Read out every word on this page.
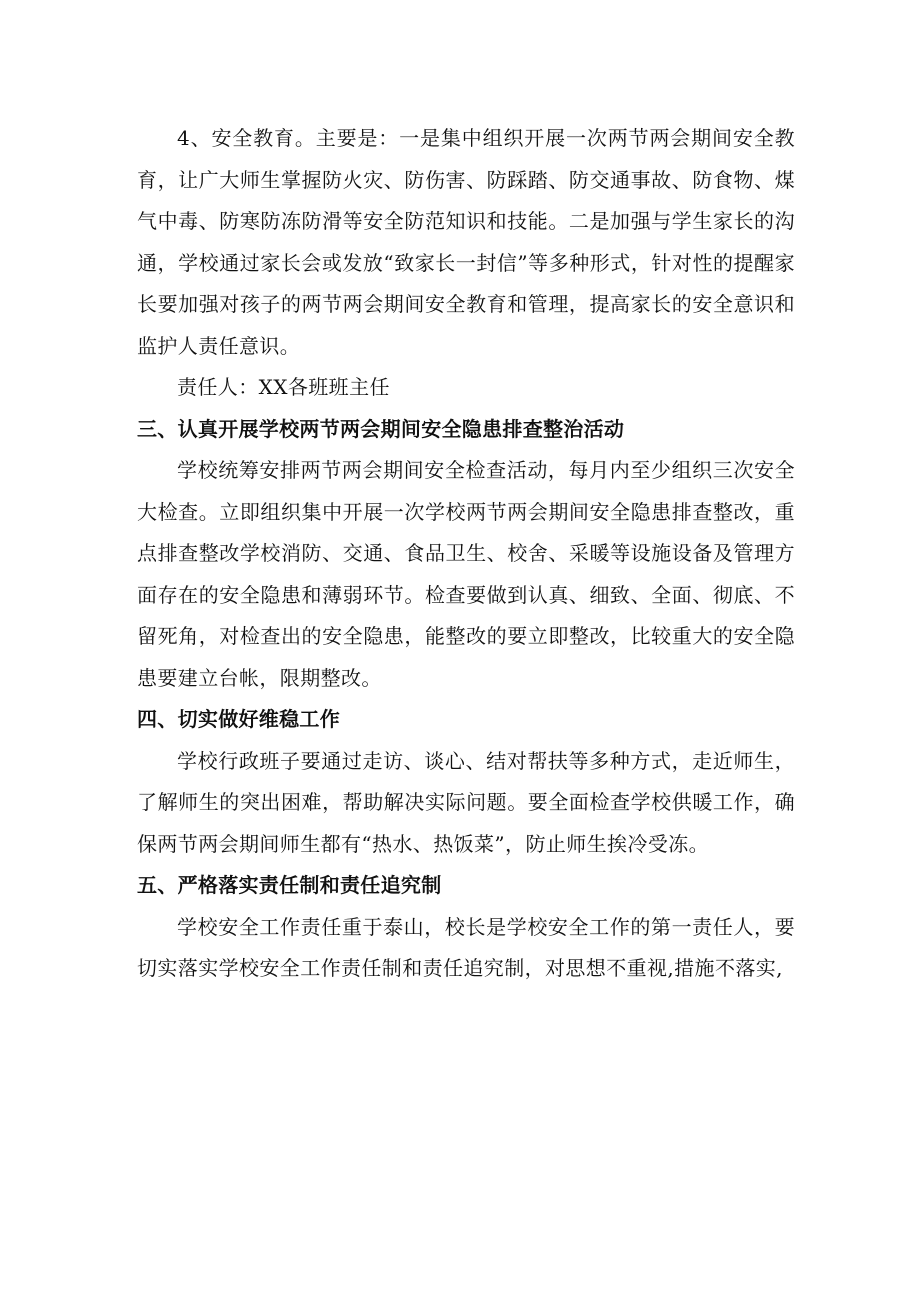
4、安全教育。主要是：一是集中组织开展一次两节两会期间安全教育，让广大师生掌握防火灾、防伤害、防踩踏、防交通事故、防食物、煤气中毒、防寒防冻防滑等安全防范知识和技能。二是加强与学生家长的沟通，学校通过家长会或发放“致家长一封信”等多种形式，针对性的提醒家长要加强对孩子的两节两会期间安全教育和管理，提高家长的安全意识和监护人责任意识。

责任人：XX各班班主任

三、认真开展学校两节两会期间安全隐患排查整治活动

学校统筹安排两节两会期间安全检查活动，每月内至少组织三次安全大检查。立即组织集中开展一次学校两节两会期间安全隐患排查整改，重点排查整改学校消防、交通、食品卫生、校舍、采暖等设施设备及管理方面存在的安全隐患和薄弱环节。检查要做到认真、细致、全面、彻底、不留死角，对检查出的安全隐患，能整改的要立即整改，比较重大的安全隐患要建立台帐，限期整改。

四、切实做好维稳工作

学校行政班子要通过走访、谈心、结对帮扶等多种方式，走近师生，了解师生的突出困难，帮助解决实际问题。要全面检查学校供暖工作，确保两节两会期间师生都有“热水、热饭菜”，防止师生挨冷受冻。

五、严格落实责任制和责任追究制

学校安全工作责任重于泰山，校长是学校安全工作的第一责任人，要切实落实学校安全工作责任制和责任追究制，对思想不重视,措施不落实,
